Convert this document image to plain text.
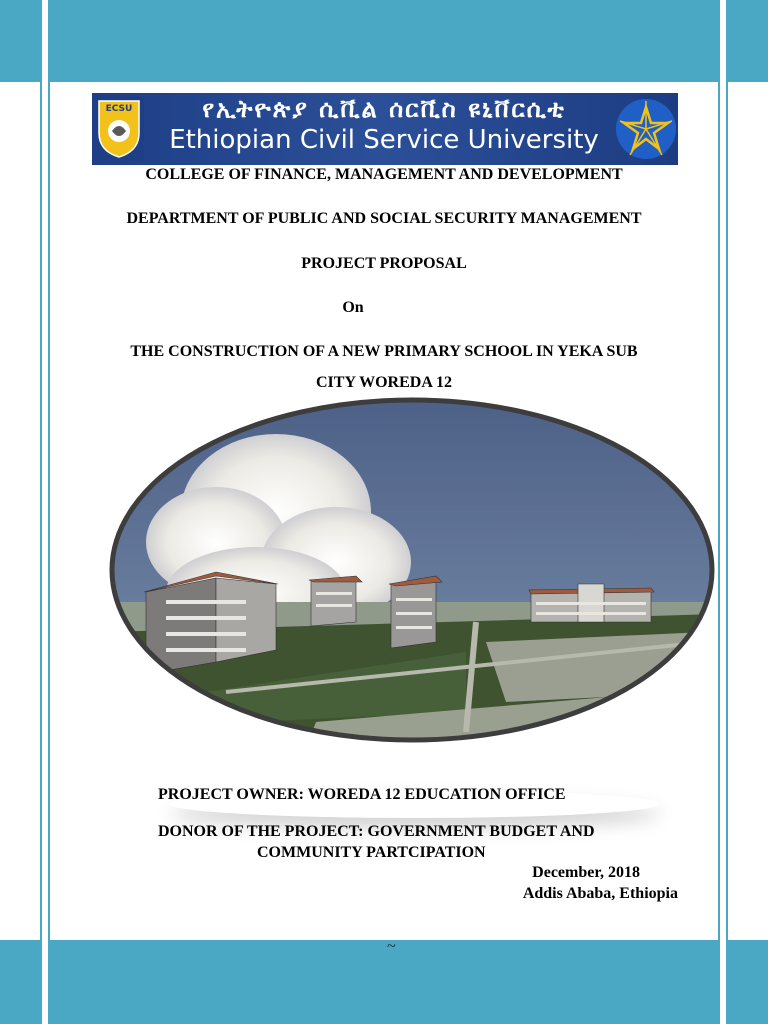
ECSU	የኢትዮጵያ ሲቪል ሰርቪስ ዩኒቨርሲቲ
Ethiopian Civil Service University
COLLEGE OF FINANCE, MANAGEMENT AND DEVELOPMENT
DEPARTMENT OF PUBLIC AND SOCIAL SECURITY MANAGEMENT
PROJECT PROPOSAL
On
THE CONSTRUCTION OF A NEW PRIMARY SCHOOL IN YEKA SUB
CITY WOREDA 12
PROJECT OWNER: WOREDA 12 EDUCATION OFFICE
DONOR OF THE PROJECT: GOVERNMENT BUDGET AND
COMMUNITY PARTCIPATION
December, 2018
Addis Ababa, Ethiopia
~
